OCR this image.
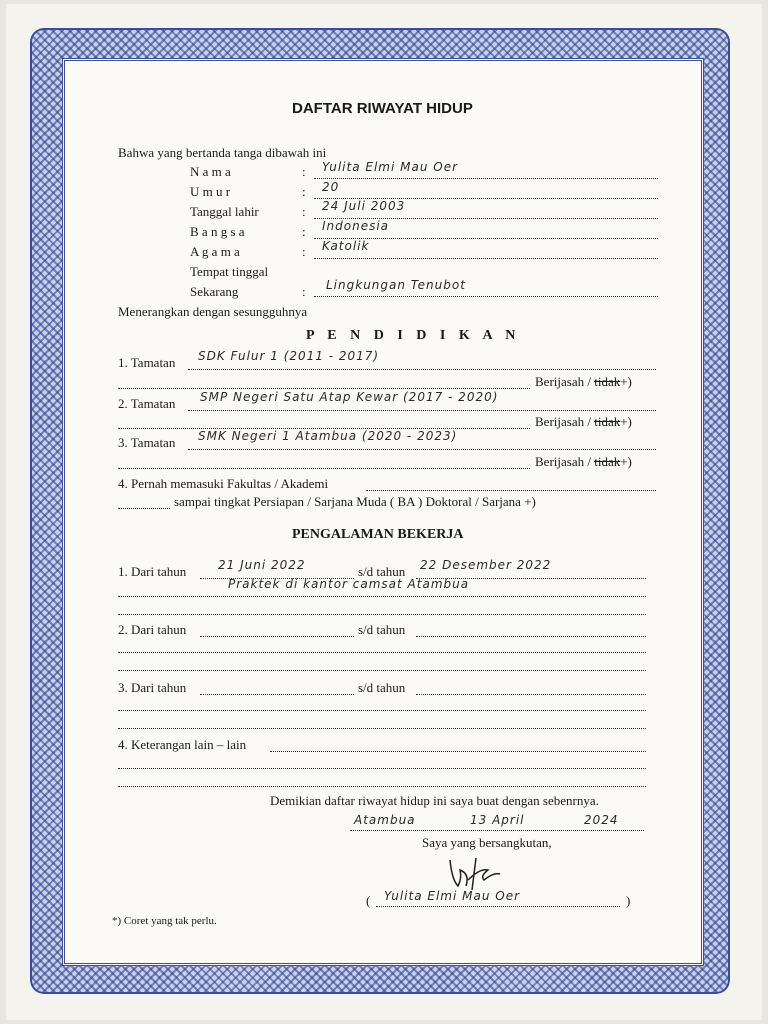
DAFTAR RIWAYAT HIDUP
Bahwa yang bertanda tanga dibawah ini
N a m a	: Yulita Elmi Mau Oer
U m u r	: 20
Tanggal lahir	: 24 Juli 2003
B a n g s a	: Indonesia
A g a m a	: Katolik
Tempat tinggal
Sekarang	: Lingkungan Tenubot
Menerangkan dengan sesungguhnya
P E N D I D I K A N
1. Tamatan SDK Fulur 1 (2011 - 2017)
Berijasah / tidak+)
2. Tamatan SMP Negeri Satu Atap Kewar (2017 - 2020)
Berijasah / tidak+)
3. Tamatan SMK Negeri 1 Atambua (2020 - 2023)
Berijasah / tidak+)
4. Pernah memasuki Fakultas / Akademi
sampai tingkat Persiapan / Sarjana Muda ( BA ) Doktoral / Sarjana +)
PENGALAMAN BEKERJA
1. Dari tahun	21 Juni 2022	s/d tahun 22 Desember 2022
Praktek di kantor camsat Atambua
2. Dari tahun	s/d tahun
3. Dari tahun	s/d tahun
4. Keterangan lain – lain
Demikian daftar riwayat hidup ini saya buat dengan sebenrnya.
Atambua	13 April	2024
Saya yang bersangkutan,
( Yulita Elmi Mau Oer	)
*) Coret yang tak perlu.
